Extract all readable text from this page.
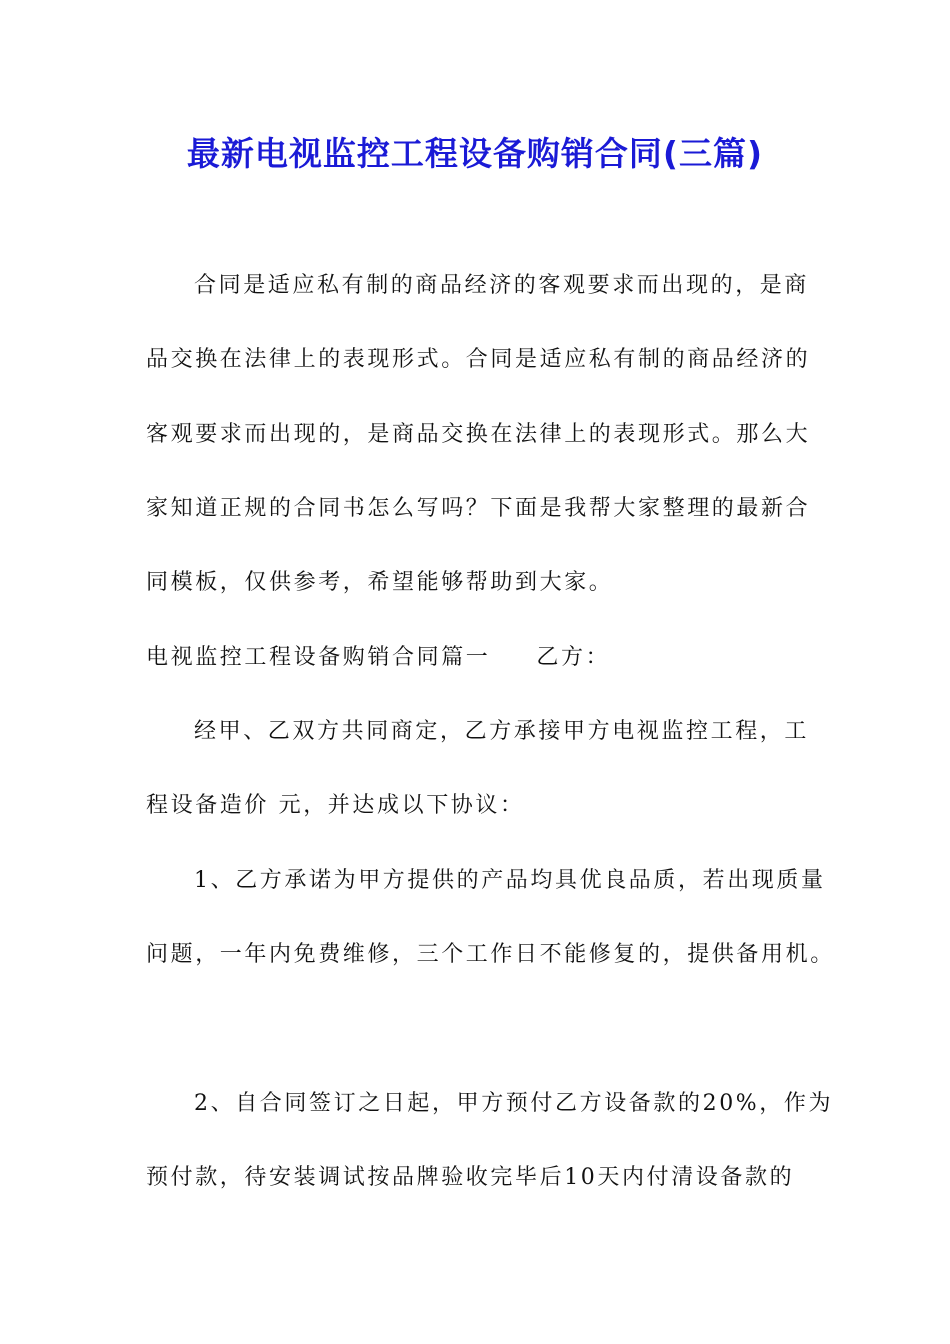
最新电视监控工程设备购销合同(三篇)
合同是适应私有制的商品经济的客观要求而出现的，是商
品交换在法律上的表现形式。合同是适应私有制的商品经济的
客观要求而出现的，是商品交换在法律上的表现形式。那么大
家知道正规的合同书怎么写吗？下面是我帮大家整理的最新合
同模板，仅供参考，希望能够帮助到大家。
电视监控工程设备购销合同篇一 乙方：
经甲、乙双方共同商定，乙方承接甲方电视监控工程，工
程设备造价 元，并达成以下协议：
1、乙方承诺为甲方提供的产品均具优良品质，若出现质量
问题，一年内免费维修，三个工作日不能修复的，提供备用机。
2、自合同签订之日起，甲方预付乙方设备款的20%，作为
预付款，待安装调试按品牌验收完毕后10天内付清设备款的
